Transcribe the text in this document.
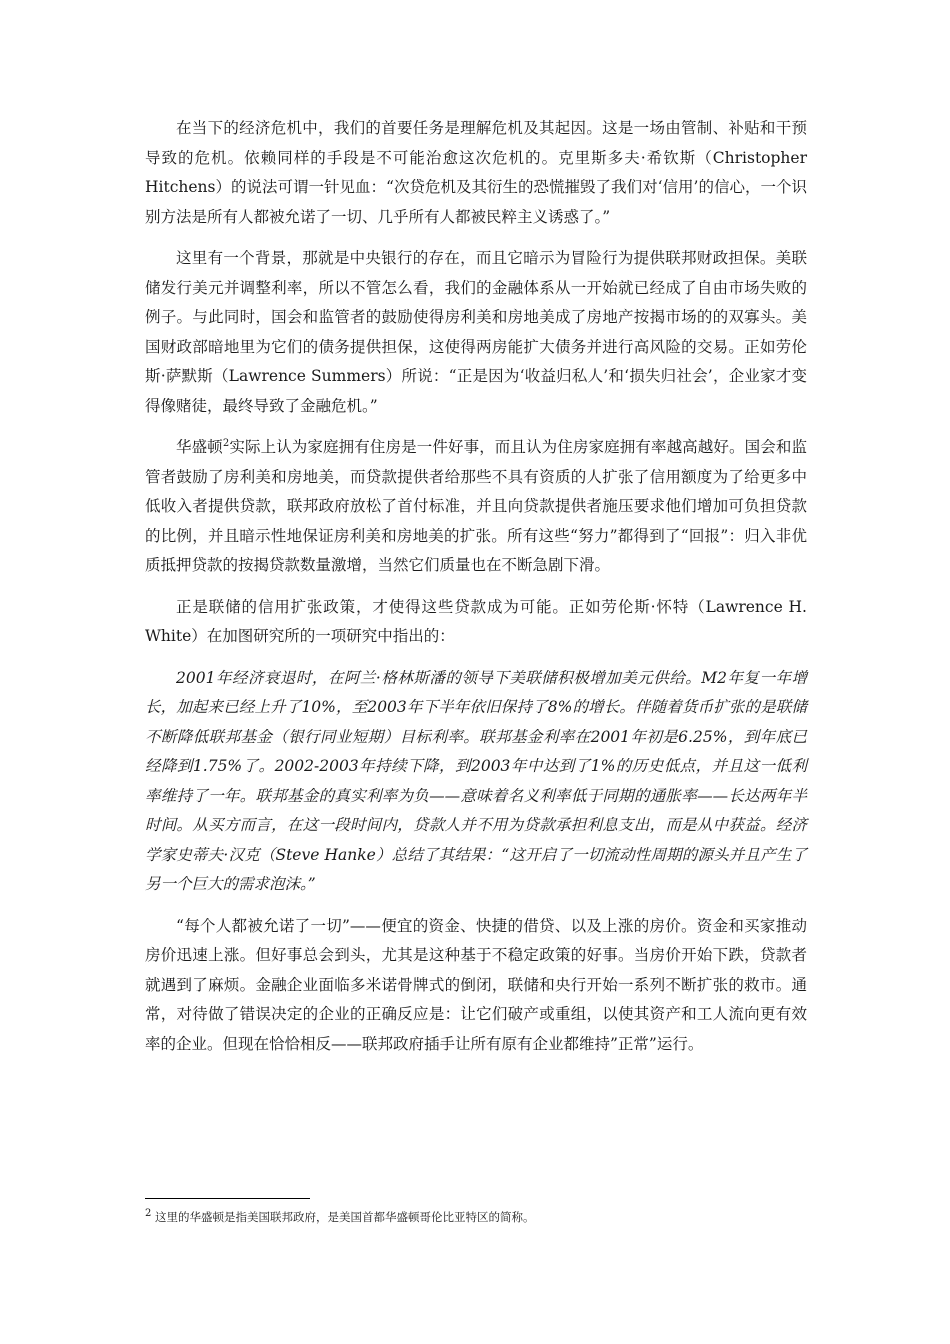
在当下的经济危机中，我们的首要任务是理解危机及其起因。这是一场由管制、补贴和干预导致的危机。依赖同样的手段是不可能治愈这次危机的。克里斯多夫·希钦斯（Christopher Hitchens）的说法可谓一针见血：“次贷危机及其衍生的恐慌摧毁了我们对‘信用’的信心，一个识别方法是所有人都被允诺了一切、几乎所有人都被民粹主义诱惑了。”

这里有一个背景，那就是中央银行的存在，而且它暗示为冒险行为提供联邦财政担保。美联储发行美元并调整利率，所以不管怎么看，我们的金融体系从一开始就已经成了自由市场失败的例子。与此同时，国会和监管者的鼓励使得房利美和房地美成了房地产按揭市场的的双寡头。美国财政部暗地里为它们的债务提供担保，这使得两房能扩大债务并进行高风险的交易。正如劳伦斯·萨默斯（Lawrence Summers）所说：“正是因为‘收益归私人’和‘损失归社会’，企业家才变得像赌徒，最终导致了金融危机。”

华盛顿$^2$实际上认为家庭拥有住房是一件好事，而且认为住房家庭拥有率越高越好。国会和监管者鼓励了房利美和房地美，而贷款提供者给那些不具有资质的人扩张了信用额度为了给更多中低收入者提供贷款，联邦政府放松了首付标准，并且向贷款提供者施压要求他们增加可负担贷款的比例，并且暗示性地保证房利美和房地美的扩张。所有这些“努力”都得到了“回报”：归入非优质抵押贷款的按揭贷款数量激增，当然它们质量也在不断急剧下滑。

正是联储的信用扩张政策，才使得这些贷款成为可能。正如劳伦斯·怀特（Lawrence H. White）在加图研究所的一项研究中指出的：

2001年经济衰退时，在阿兰·格林斯潘的领导下美联储积极增加美元供给。M2年复一年增长，加起来已经上升了10%，至2003年下半年依旧保持了8%的增长。伴随着货币扩张的是联储不断降低联邦基金（银行同业短期）目标利率。联邦基金利率在2001年初是6.25%，到年底已经降到1.75%了。2002-2003年持续下降，到2003年中达到了1%的历史低点，并且这一低利率维持了一年。联邦基金的真实利率为负——意味着名义利率低于同期的通胀率——长达两年半时间。从买方而言，在这一段时间内，贷款人并不用为贷款承担利息支出，而是从中获益。经济学家史蒂夫·汉克（Steve Hanke）总结了其结果：“这开启了一切流动性周期的源头并且产生了另一个巨大的需求泡沫。”

“每个人都被允诺了一切”——便宜的资金、快捷的借贷、以及上涨的房价。资金和买家推动房价迅速上涨。但好事总会到头，尤其是这种基于不稳定政策的好事。当房价开始下跌，贷款者就遇到了麻烦。金融企业面临多米诺骨牌式的倒闭，联储和央行开始一系列不断扩张的救市。通常，对待做了错误决定的企业的正确反应是：让它们破产或重组，以使其资产和工人流向更有效率的企业。但现在恰恰相反——联邦政府插手让所有原有企业都维持”正常”运行。

$^2$ 这里的华盛顿是指美国联邦政府，是美国首都华盛顿哥伦比亚特区的简称。
